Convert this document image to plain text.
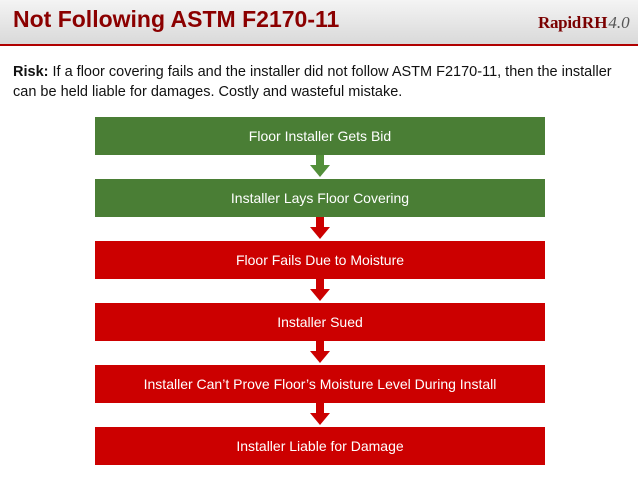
Not Following ASTM F2170-11	Rapid RH 4.0
Risk: If a floor covering fails and the installer did not follow ASTM F2170-11, then the installer can be held liable for damages. Costly and wasteful mistake.
Floor Installer Gets Bid
Installer Lays Floor Covering
Floor Fails Due to Moisture
Installer Sued
Installer Can’t Prove Floor’s Moisture Level During Install
Installer Liable for Damage
